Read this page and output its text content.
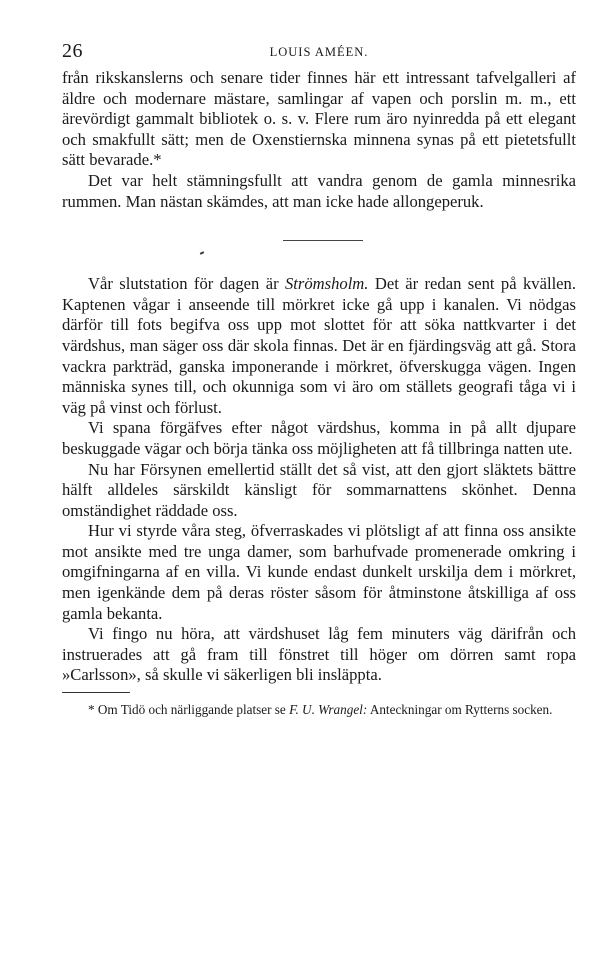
26	LOUIS AMÉEN.

från rikskanslerns och senare tider finnes här ett intressant tafvelgalleri af äldre och modernare mästare, samlingar af vapen och porslin m. m., ett ärevördigt gammalt bibliotek o. s. v. Flere rum äro nyinredda på ett elegant och smakfullt sätt; men de Oxenstiernska minnena synas på ett pietetsfullt sätt bevarade.*

Det var helt stämningsfullt att vandra genom de gamla minnesrika rummen. Man nästan skämdes, att man icke hade allongeperuk.

Vår slutstation för dagen är Strömsholm. Det är redan sent på kvällen. Kaptenen vågar i anseende till mörkret icke gå upp i kanalen. Vi nödgas därför till fots begifva oss upp mot slottet för att söka nattkvarter i det värdshus, man säger oss där skola finnas. Det är en fjärdingsväg att gå. Stora vackra parkträd, ganska imponerande i mörkret, öfverskugga vägen. Ingen människa synes till, och okunniga som vi äro om ställets geografi tåga vi i väg på vinst och förlust.

Vi spana förgäfves efter något värdshus, komma in på allt djupare beskuggade vägar och börja tänka oss möjligheten att få tillbringa natten ute.

Nu har Försynen emellertid ställt det så vist, att den gjort släktets bättre hälft alldeles särskildt känsligt för sommarnattens skönhet. Denna omständighet räddade oss.

Hur vi styrde våra steg, öfverraskades vi plötsligt af att finna oss ansikte mot ansikte med tre unga damer, som barhufvade promenerade omkring i omgifningarna af en villa. Vi kunde endast dunkelt urskilja dem i mörkret, men igenkände dem på deras röster såsom för åtminstone åtskilliga af oss gamla bekanta.

Vi fingo nu höra, att värdshuset låg fem minuters väg därifrån och instruerades att gå fram till fönstret till höger om dörren samt ropa »Carlsson», så skulle vi säkerligen bli insläppta.

* Om Tidö och närliggande platser se F. U. Wrangel: Anteckningar om Rytterns socken.
